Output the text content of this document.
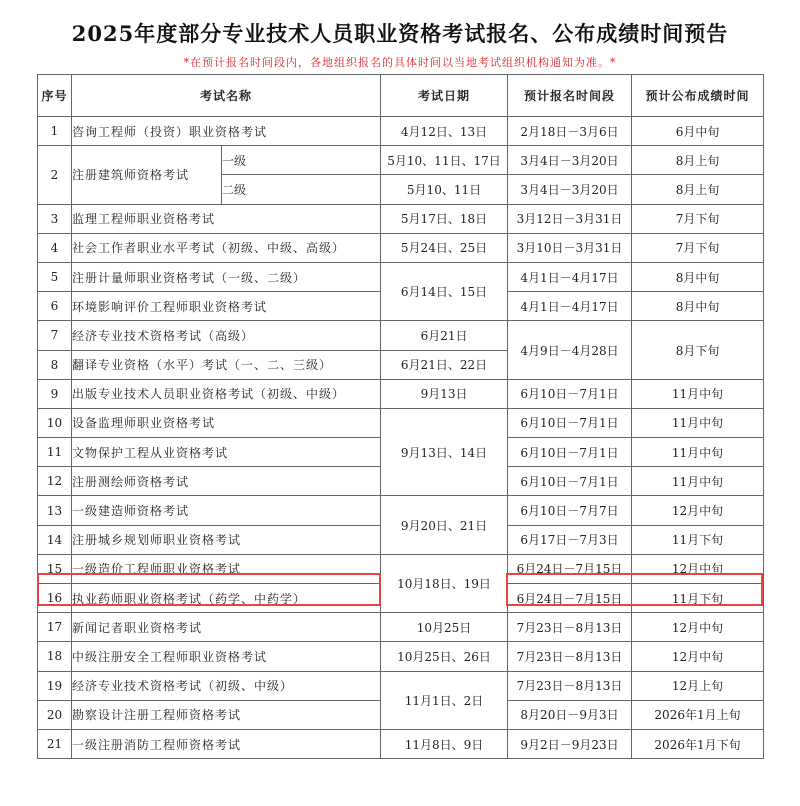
2025年度部分专业技术人员职业资格考试报名、公布成绩时间预告
*在预计报名时间段内，各地组织报名的具体时间以当地考试组织机构通知为准。*
序号	考试名称		考试日期	预计报名时间段	预计公布成绩时间
1	咨询工程师（投资）职业资格考试		4月12日、13日	2月18日－3月6日	6月中旬
2	注册建筑师资格考试	一级	5月10、11日、17日	3月4日－3月20日	8月上旬
		二级	5月10、11日	3月4日－3月20日	8月上旬
3	监理工程师职业资格考试		5月17日、18日	3月12日－3月31日	7月下旬
4	社会工作者职业水平考试（初级、中级、高级）		5月24日、25日	3月10日－3月31日	7月下旬
5	注册计量师职业资格考试（一级、二级）		6月14日、15日	4月1日－4月17日	8月中旬
6	环境影响评价工程师职业资格考试			4月1日－4月17日	8月中旬
7	经济专业技术资格考试（高级）		6月21日	4月9日－4月28日	8月下旬
8	翻译专业资格（水平）考试（一、二、三级）		6月21日、22日		
9	出版专业技术人员职业资格考试（初级、中级）		9月13日	6月10日－7月1日	11月中旬
10	设备监理师职业资格考试		9月13日、14日	6月10日－7月1日	11月中旬
11	文物保护工程从业资格考试			6月10日－7月1日	11月中旬
12	注册测绘师资格考试			6月10日－7月1日	11月中旬
13	一级建造师资格考试		9月20日、21日	6月10日－7月7日	12月中旬
14	注册城乡规划师职业资格考试			6月17日－7月3日	11月下旬
15	一级造价工程师职业资格考试		10月18日、19日	6月24日－7月15日	12月中旬
16	执业药师职业资格考试（药学、中药学）			6月24日－7月15日	11月下旬
17	新闻记者职业资格考试		10月25日	7月23日－8月13日	12月中旬
18	中级注册安全工程师职业资格考试		10月25日、26日	7月23日－8月13日	12月中旬
19	经济专业技术资格考试（初级、中级）		11月1日、2日	7月23日－8月13日	12月上旬
20	勘察设计注册工程师资格考试			8月20日－9月3日	2026年1月上旬
21	一级注册消防工程师资格考试		11月8日、9日	9月2日－9月23日	2026年1月下旬
